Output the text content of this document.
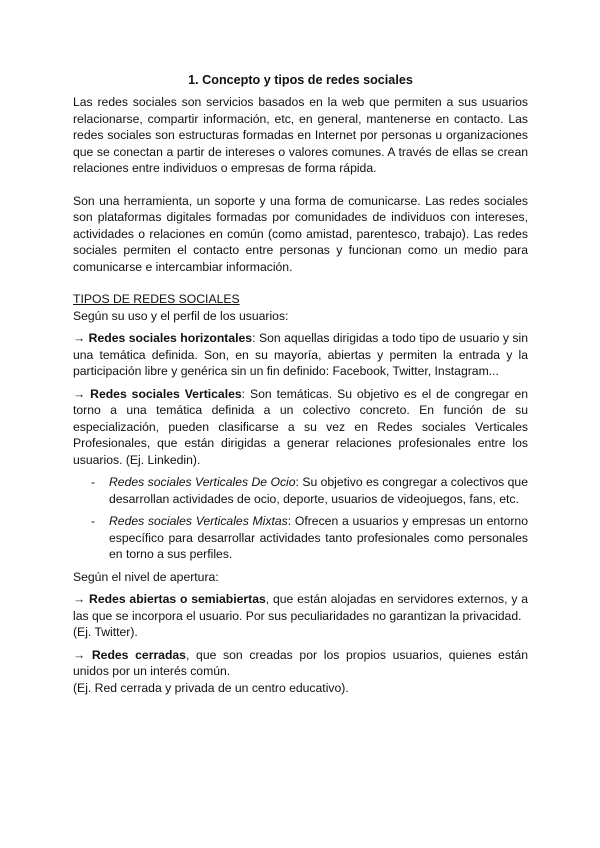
1. Concepto y tipos de redes sociales

Las redes sociales son servicios basados en la web que permiten a sus usuarios relacionarse, compartir información, etc, en general, mantenerse en contacto. Las redes sociales son estructuras formadas en Internet por personas u organizaciones que se conectan a partir de intereses o valores comunes. A través de ellas se crean relaciones entre individuos o empresas de forma rápida.

Son una herramienta, un soporte y una forma de comunicarse. Las redes sociales son plataformas digitales formadas por comunidades de individuos con intereses, actividades o relaciones en común (como amistad, parentesco, trabajo). Las redes sociales permiten el contacto entre personas y funcionan como un medio para comunicarse e intercambiar información.

TIPOS DE REDES SOCIALES

Según su uso y el perfil de los usuarios:

→ Redes sociales horizontales: Son aquellas dirigidas a todo tipo de usuario y sin una temática definida. Son, en su mayoría, abiertas y permiten la entrada y la participación libre y genérica sin un fin definido: Facebook, Twitter, Instagram...

→ Redes sociales Verticales: Son temáticas. Su objetivo es el de congregar en torno a una temática definida a un colectivo concreto. En función de su especialización, pueden clasificarse a su vez en Redes sociales Verticales Profesionales, que están dirigidas a generar relaciones profesionales entre los usuarios. (Ej. Linkedin).

- Redes sociales Verticales De Ocio: Su objetivo es congregar a colectivos que desarrollan actividades de ocio, deporte, usuarios de videojuegos, fans, etc.

- Redes sociales Verticales Mixtas: Ofrecen a usuarios y empresas un entorno específico para desarrollar actividades tanto profesionales como personales en torno a sus perfiles.

Según el nivel de apertura:

→ Redes abiertas o semiabiertas, que están alojadas en servidores externos, y a las que se incorpora el usuario. Por sus peculiaridades no garantizan la privacidad.

(Ej. Twitter).

→ Redes cerradas, que son creadas por los propios usuarios, quienes están unidos por un interés común.

(Ej. Red cerrada y privada de un centro educativo).
